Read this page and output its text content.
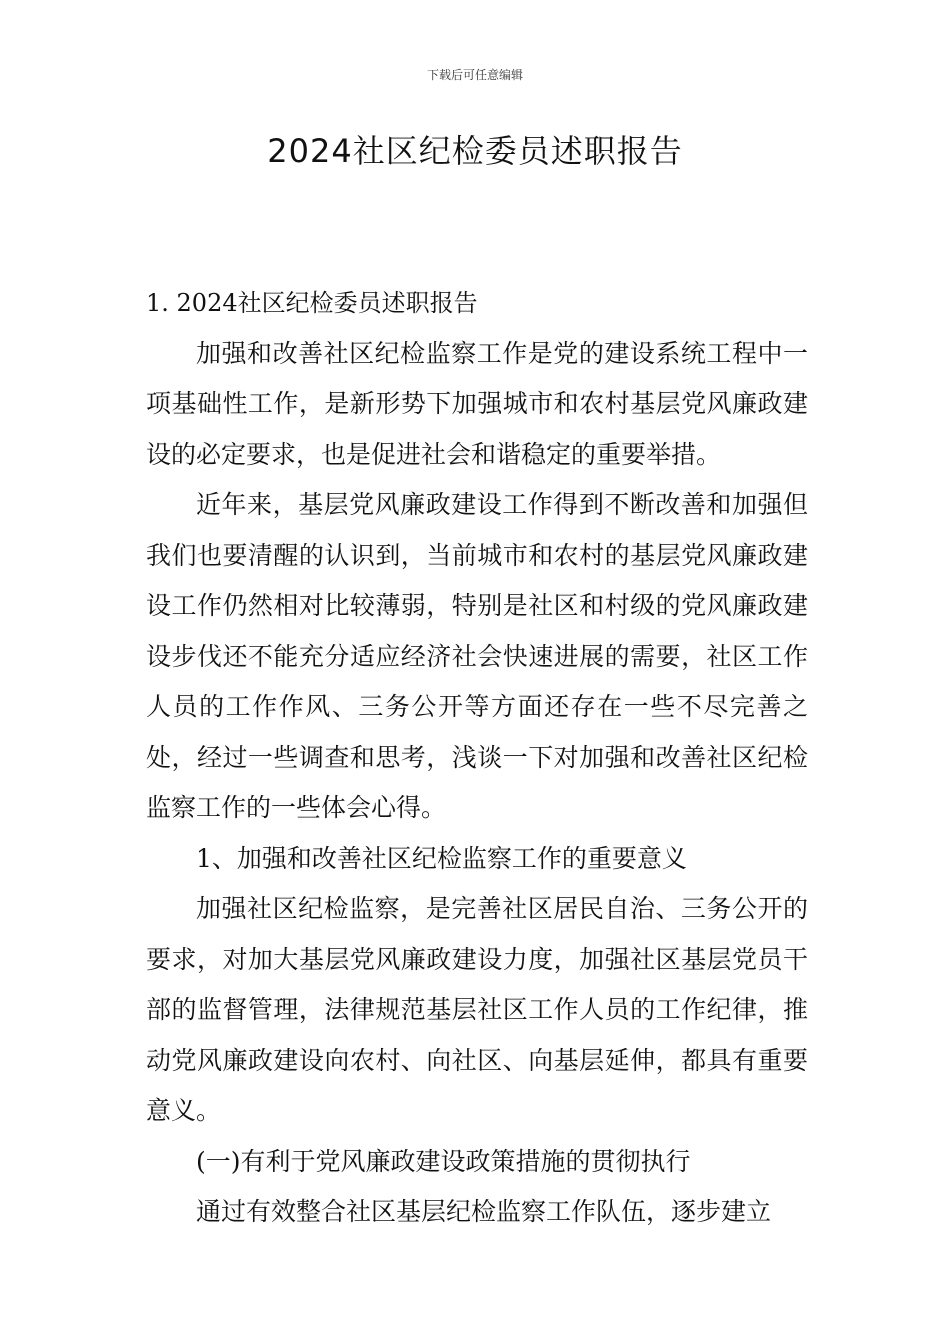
下载后可任意编辑
2024社区纪检委员述职报告

1. 2024社区纪检委员述职报告

加强和改善社区纪检监察工作是党的建设系统工程中一项基础性工作，是新形势下加强城市和农村基层党风廉政建设的必定要求，也是促进社会和谐稳定的重要举措。

近年来，基层党风廉政建设工作得到不断改善和加强但我们也要清醒的认识到，当前城市和农村的基层党风廉政建设工作仍然相对比较薄弱，特别是社区和村级的党风廉政建设步伐还不能充分适应经济社会快速进展的需要，社区工作人员的工作作风、三务公开等方面还存在一些不尽完善之处，经过一些调查和思考，浅谈一下对加强和改善社区纪检监察工作的一些体会心得。

1、加强和改善社区纪检监察工作的重要意义

加强社区纪检监察，是完善社区居民自治、三务公开的要求，对加大基层党风廉政建设力度，加强社区基层党员干部的监督管理，法律规范基层社区工作人员的工作纪律，推动党风廉政建设向农村、向社区、向基层延伸，都具有重要意义。

(一)有利于党风廉政建设政策措施的贯彻执行

通过有效整合社区基层纪检监察工作队伍，逐步建立
